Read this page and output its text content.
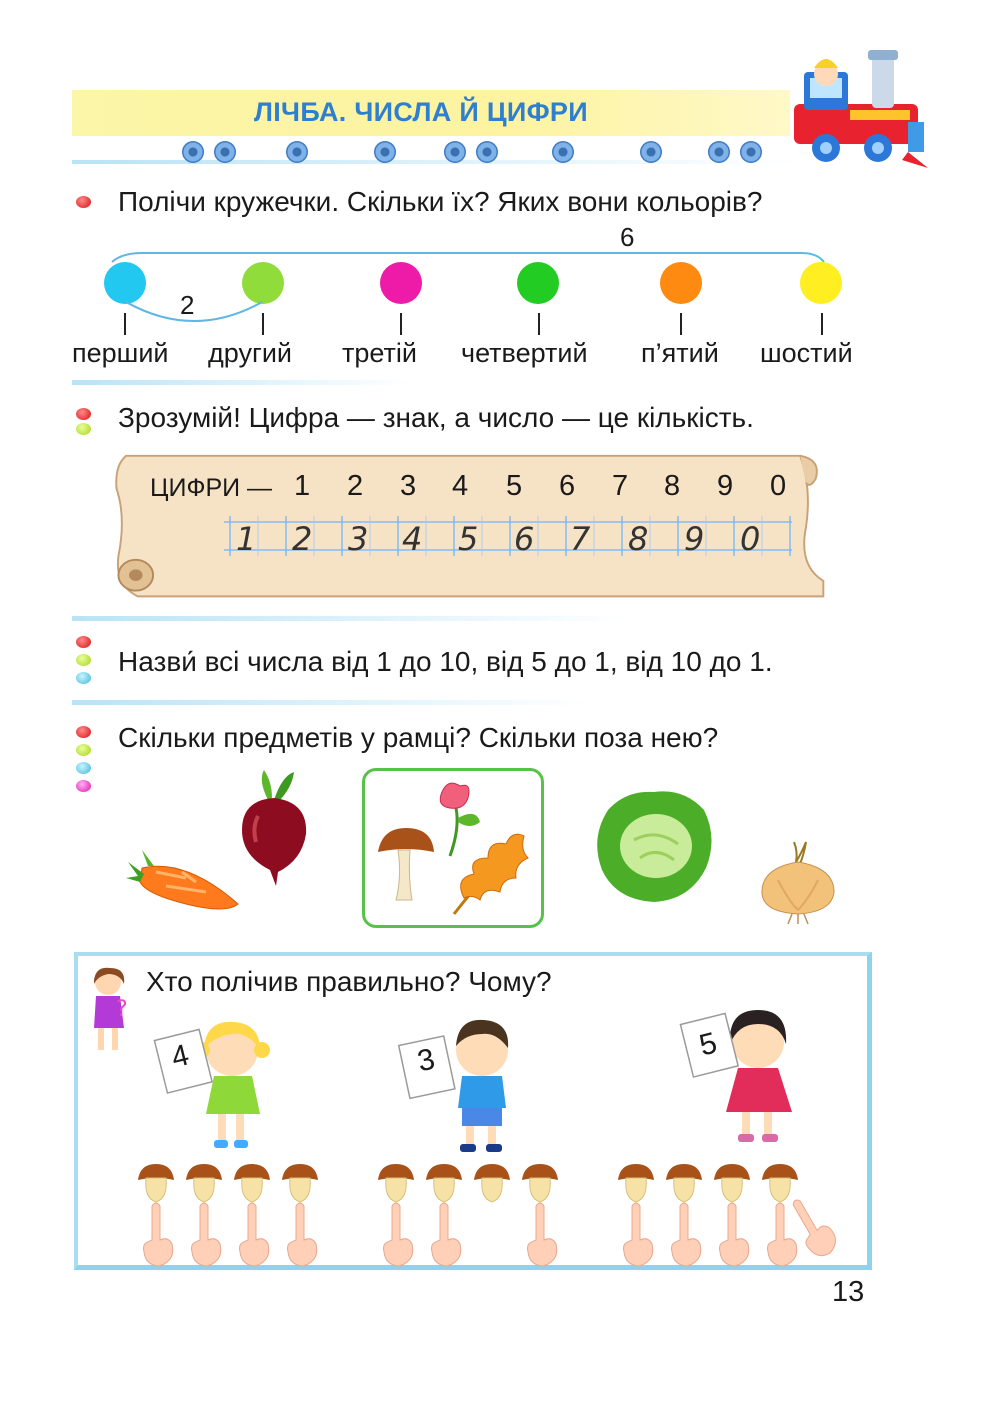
ЛІЧБА. ЧИСЛА Й ЦИФРИ
Полічи кружечки. Скільки їх? Яких вони кольорів?
6
2
перший другий третій четвертий п’ятий шостий
Зрозумій! Цифра — знак, а число — це кількість.
ЦИФРИ — 1 2 3 4 5 6 7 8 9 0
1 2 3 4 5 6 7 8 9 0
Назви́ всі числа від 1 до 10, від 5 до 1, від 10 до 1.
Скільки предметів у рамці? Скільки поза нею?
?
Хто полічив правильно? Чому?
4	3	5
13
